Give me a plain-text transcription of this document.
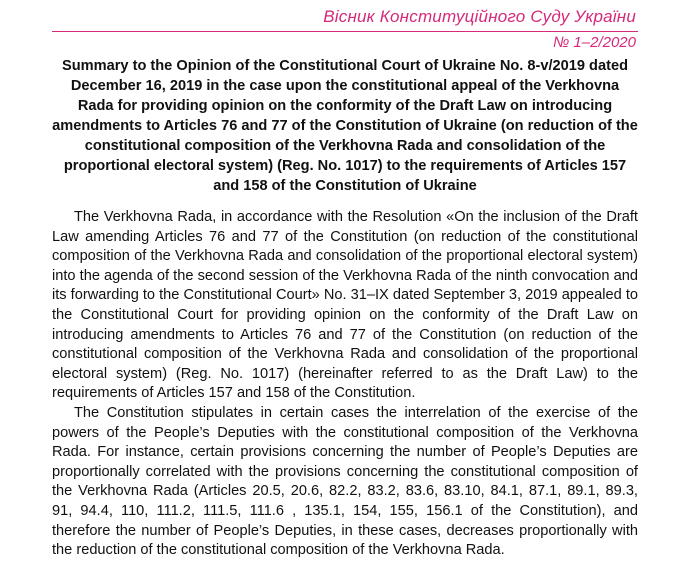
Вісник Конституційного Суду України
№ 1–2/2020
Summary to the Opinion of the Constitutional Court of Ukraine No. 8-v/2019 dated December 16, 2019 in the case upon the constitutional appeal of the Verkhovna Rada for providing opinion on the conformity of the Draft Law on introducing amendments to Articles 76 and 77 of the Constitution of Ukraine (on reduction of the constitutional composition of the Verkhovna Rada and consolidation of the proportional electoral system) (Reg. No. 1017) to the requirements of Articles 157 and 158 of the Constitution of Ukraine

The Verkhovna Rada, in accordance with the Resolution «On the inclusion of the Draft Law amending Articles 76 and 77 of the Constitution (on reduction of the constitutional composition of the Verkhovna Rada and consolidation of the proportional electoral system) into the agenda of the second session of the Verkhovna Rada of the ninth convocation and its forwarding to the Constitutional Court» No. 31–IX dated September 3, 2019 appealed to the Constitutional Court for providing opinion on the conformity of the Draft Law on introducing amendments to Articles 76 and 77 of the Constitution (on reduction of the constitutional composition of the Verkhovna Rada and consolidation of the proportional electoral system) (Reg. No. 1017) (hereinafter referred to as the Draft Law) to the requirements of Articles 157 and 158 of the Constitution.

The Constitution stipulates in certain cases the interrelation of the exercise of the powers of the People’s Deputies with the constitutional composition of the Verkhovna Rada. For instance, certain provisions concerning the number of People’s Deputies are proportionally correlated with the provisions concerning the constitutional composition of the Verkhovna Rada (Articles 20.5, 20.6, 82.2, 83.2, 83.6, 83.10, 84.1, 87.1, 89.1, 89.3, 91, 94.4, 110, 111.2, 111.5, 111.6 , 135.1, 154, 155, 156.1 of the Constitution), and therefore the number of People’s Deputies, in these cases, decreases proportionally with the reduction of the constitutional composition of the Verkhovna Rada.
